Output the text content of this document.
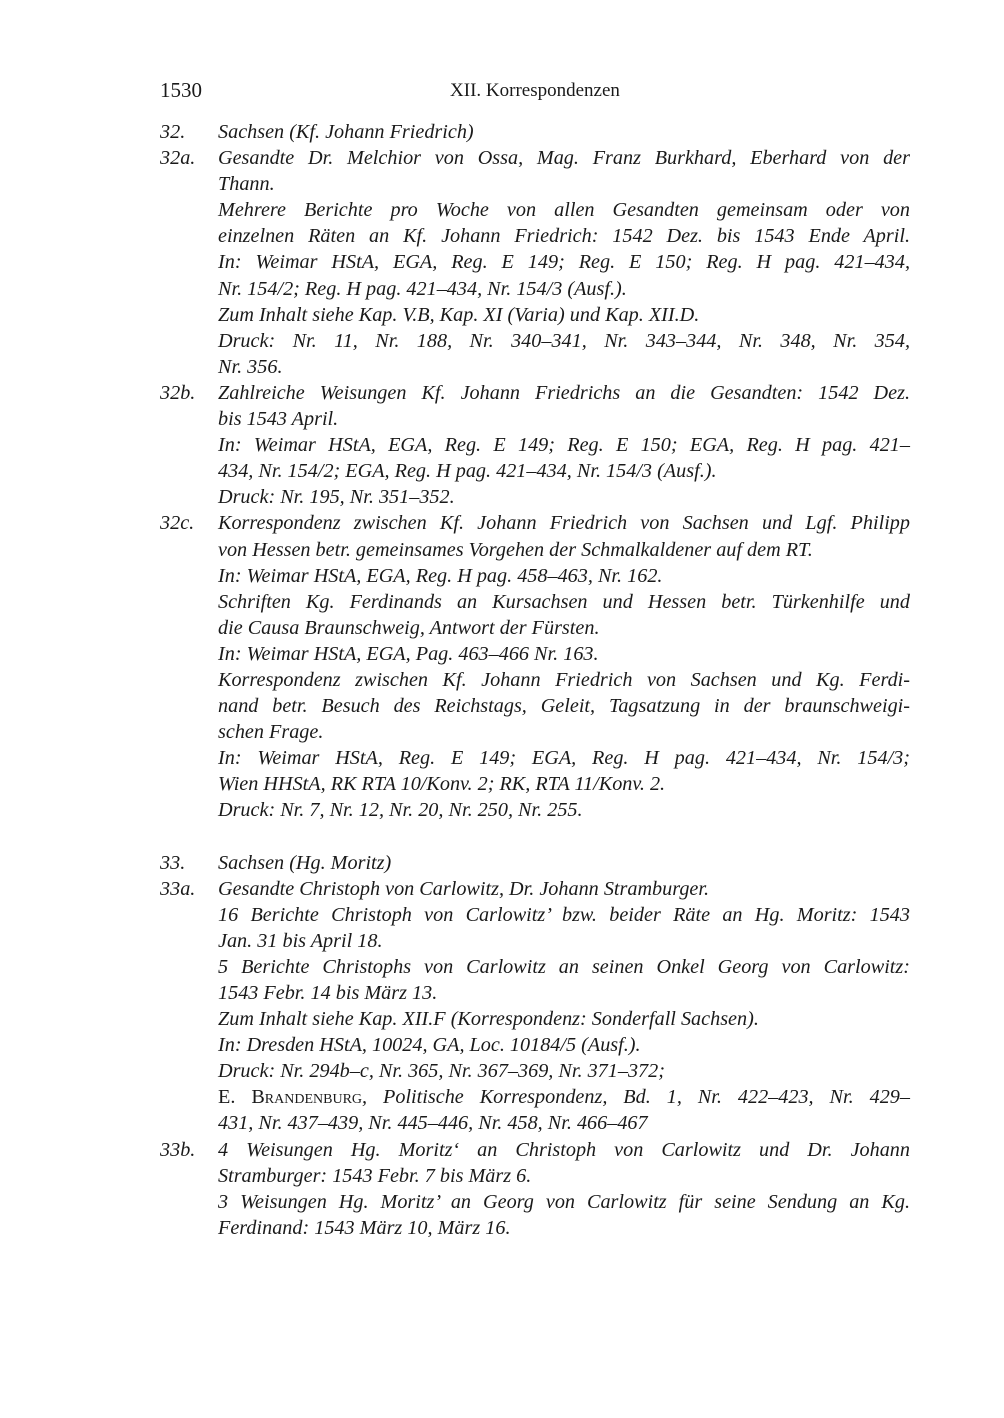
1530	XII. Korrespondenzen
32.	Sachsen (Kf. Johann Friedrich)
32a.	Gesandte Dr. Melchior von Ossa, Mag. Franz Burkhard, Eberhard von der
Thann.
Mehrere Berichte pro Woche von allen Gesandten gemeinsam oder von
einzelnen Räten an Kf. Johann Friedrich: 1542 Dez. bis 1543 Ende April.
In: Weimar HStA, EGA, Reg. E 149; Reg. E 150; Reg. H pag. 421–434,
Nr. 154/2; Reg. H pag. 421–434, Nr. 154/3 (Ausf.).
Zum Inhalt siehe Kap. V.B, Kap. XI (Varia) und Kap. XII.D.
Druck: Nr. 11, Nr. 188, Nr. 340–341, Nr. 343–344, Nr. 348, Nr. 354,
Nr. 356.
32b.	Zahlreiche Weisungen Kf. Johann Friedrichs an die Gesandten: 1542 Dez.
bis 1543 April.
In: Weimar HStA, EGA, Reg. E 149; Reg. E 150; EGA, Reg. H pag. 421–
434, Nr. 154/2; EGA, Reg. H pag. 421–434, Nr. 154/3 (Ausf.).
Druck: Nr. 195, Nr. 351–352.
32c.	Korrespondenz zwischen Kf. Johann Friedrich von Sachsen und Lgf. Philipp
von Hessen betr. gemeinsames Vorgehen der Schmalkaldener auf dem RT.
In: Weimar HStA, EGA, Reg. H pag. 458–463, Nr. 162.
Schriften Kg. Ferdinands an Kursachsen und Hessen betr. Türkenhilfe und
die Causa Braunschweig, Antwort der Fürsten.
In: Weimar HStA, EGA, Pag. 463–466 Nr. 163.
Korrespondenz zwischen Kf. Johann Friedrich von Sachsen und Kg. Ferdi-
nand betr. Besuch des Reichstags, Geleit, Tagsatzung in der braunschweigi-
schen Frage.
In: Weimar HStA, Reg. E 149; EGA, Reg. H pag. 421–434, Nr. 154/3;
Wien HHStA, RK RTA 10/Konv. 2; RK, RTA 11/Konv. 2.
Druck: Nr. 7, Nr. 12, Nr. 20, Nr. 250, Nr. 255.
33.	Sachsen (Hg. Moritz)
33a.	Gesandte Christoph von Carlowitz, Dr. Johann Stramburger.
16 Berichte Christoph von Carlowitz’ bzw. beider Räte an Hg. Moritz: 1543
Jan. 31 bis April 18.
5 Berichte Christophs von Carlowitz an seinen Onkel Georg von Carlowitz:
1543 Febr. 14 bis März 13.
Zum Inhalt siehe Kap. XII.F (Korrespondenz: Sonderfall Sachsen).
In: Dresden HStA, 10024, GA, Loc. 10184/5 (Ausf.).
Druck: Nr. 294b–c, Nr. 365, Nr. 367–369, Nr. 371–372;
E. Brandenburg, Politische Korrespondenz, Bd. 1, Nr. 422–423, Nr. 429–
431, Nr. 437–439, Nr. 445–446, Nr. 458, Nr. 466–467
33b.	4 Weisungen Hg. Moritz‘ an Christoph von Carlowitz und Dr. Johann
Stramburger: 1543 Febr. 7 bis März 6.
3 Weisungen Hg. Moritz’ an Georg von Carlowitz für seine Sendung an Kg.
Ferdinand: 1543 März 10, März 16.
